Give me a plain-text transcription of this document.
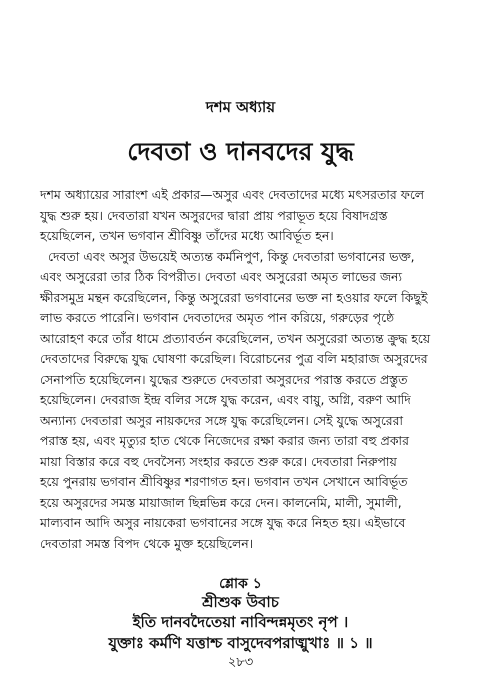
দশম অধ্যায়
দেবতা ও দানবদের যুদ্ধ
দশম অধ্যায়ের সারাংশ এই প্রকার—অসুর এবং দেবতাদের মধ্যে মৎসরতার ফলে
যুদ্ধ শুরু হয়। দেবতারা যখন অসুরদের দ্বারা প্রায় পরাভূত হয়ে বিষাদগ্রস্ত
হয়েছিলেন, তখন ভগবান শ্রীবিষ্ণু তাঁদের মধ্যে আবির্ভূত হন।
দেবতা এবং অসুর উভয়েই অত্যন্ত কর্মনিপুণ, কিন্তু দেবতারা ভগবানের ভক্ত,
এবং অসুরেরা তার ঠিক বিপরীত। দেবতা এবং অসুরেরা অমৃত লাভের জন্য
ক্ষীরসমুদ্র মন্থন করেছিলেন, কিন্তু অসুরেরা ভগবানের ভক্ত না হওয়ার ফলে কিছুই
লাভ করতে পারেনি। ভগবান দেবতাদের অমৃত পান করিয়ে, গরুড়ের পৃষ্ঠে
আরোহণ করে তাঁর ধামে প্রত্যাবর্তন করেছিলেন, তখন অসুরেরা অত্যন্ত ক্রুদ্ধ হয়ে
দেবতাদের বিরুদ্ধে যুদ্ধ ঘোষণা করেছিল। বিরোচনের পুত্র বলি মহারাজ অসুরদের
সেনাপতি হয়েছিলেন। যুদ্ধের শুরুতে দেবতারা অসুরদের পরাস্ত করতে প্রস্তুত
হয়েছিলেন। দেবরাজ ইন্দ্র বলির সঙ্গে যুদ্ধ করেন, এবং বায়ু, অগ্নি, বরুণ আদি
অন্যান্য দেবতারা অসুর নায়কদের সঙ্গে যুদ্ধ করেছিলেন। সেই যুদ্ধে অসুরেরা
পরাস্ত হয়, এবং মৃত্যুর হাত থেকে নিজেদের রক্ষা করার জন্য তারা বহু প্রকার
মায়া বিস্তার করে বহু দেবসৈন্য সংহার করতে শুরু করে। দেবতারা নিরুপায়
হয়ে পুনরায় ভগবান শ্রীবিষ্ণুর শরণাগত হন। ভগবান তখন সেখানে আবির্ভূত
হয়ে অসুরদের সমস্ত মায়াজাল ছিন্নভিন্ন করে দেন। কালনেমি, মালী, সুমালী,
মাল্যবান আদি অসুর নায়কেরা ভগবানের সঙ্গে যুদ্ধ করে নিহত হয়। এইভাবে
দেবতারা সমস্ত বিপদ থেকে মুক্ত হয়েছিলেন।
শ্লোক ১
শ্রীশুক উবাচ
ইতি দানবদৈতেয়া নাবিন্দন্নমৃতং নৃপ ।
যুক্তাঃ কর্মণি যত্তাশ্চ বাসুদেবপরাঙ্মুখাঃ ॥ ১ ॥
২৮৩
